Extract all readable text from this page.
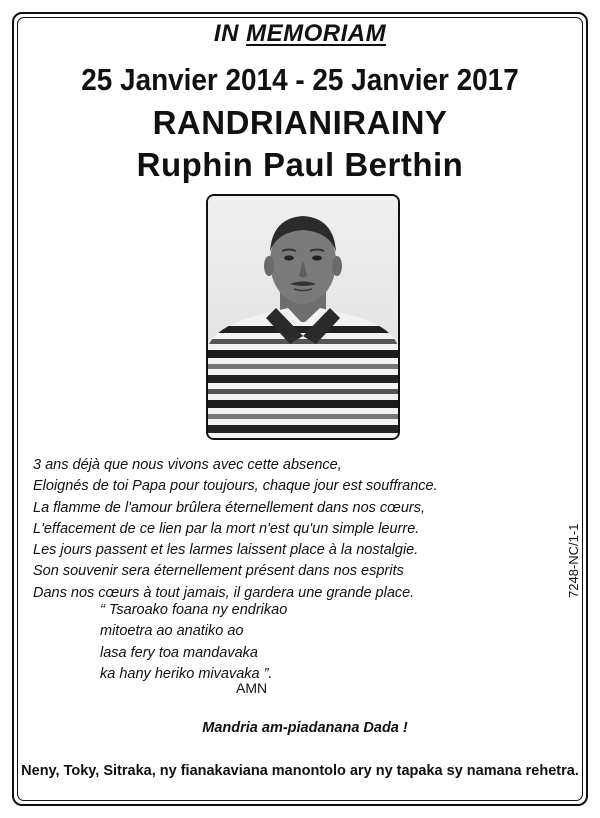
IN MEMORIAM
25 Janvier 2014 - 25 Janvier 2017
RANDRIANIRAINY
Ruphin Paul Berthin
7248-NC/1-1
3 ans déjà que nous vivons avec cette absence,
Eloignés de toi Papa pour toujours, chaque jour est souffrance.
La flamme de l'amour brûlera éternellement dans nos cœurs,
L'effacement de ce lien par la mort n'est qu'un simple leurre.
Les jours passent et les larmes laissent place à la nostalgie.
Son souvenir sera éternellement présent dans nos esprits
Dans nos cœurs à tout jamais, il gardera une grande place.
“ Tsaroako foana ny endrikao
mitoetra ao anatiko ao
lasa fery toa mandavaka
ka hany heriko mivavaka ”.
AMN
Mandria am-piadanana Dada !
Neny, Toky, Sitraka, ny fianakaviana manontolo ary ny tapaka sy namana rehetra.
